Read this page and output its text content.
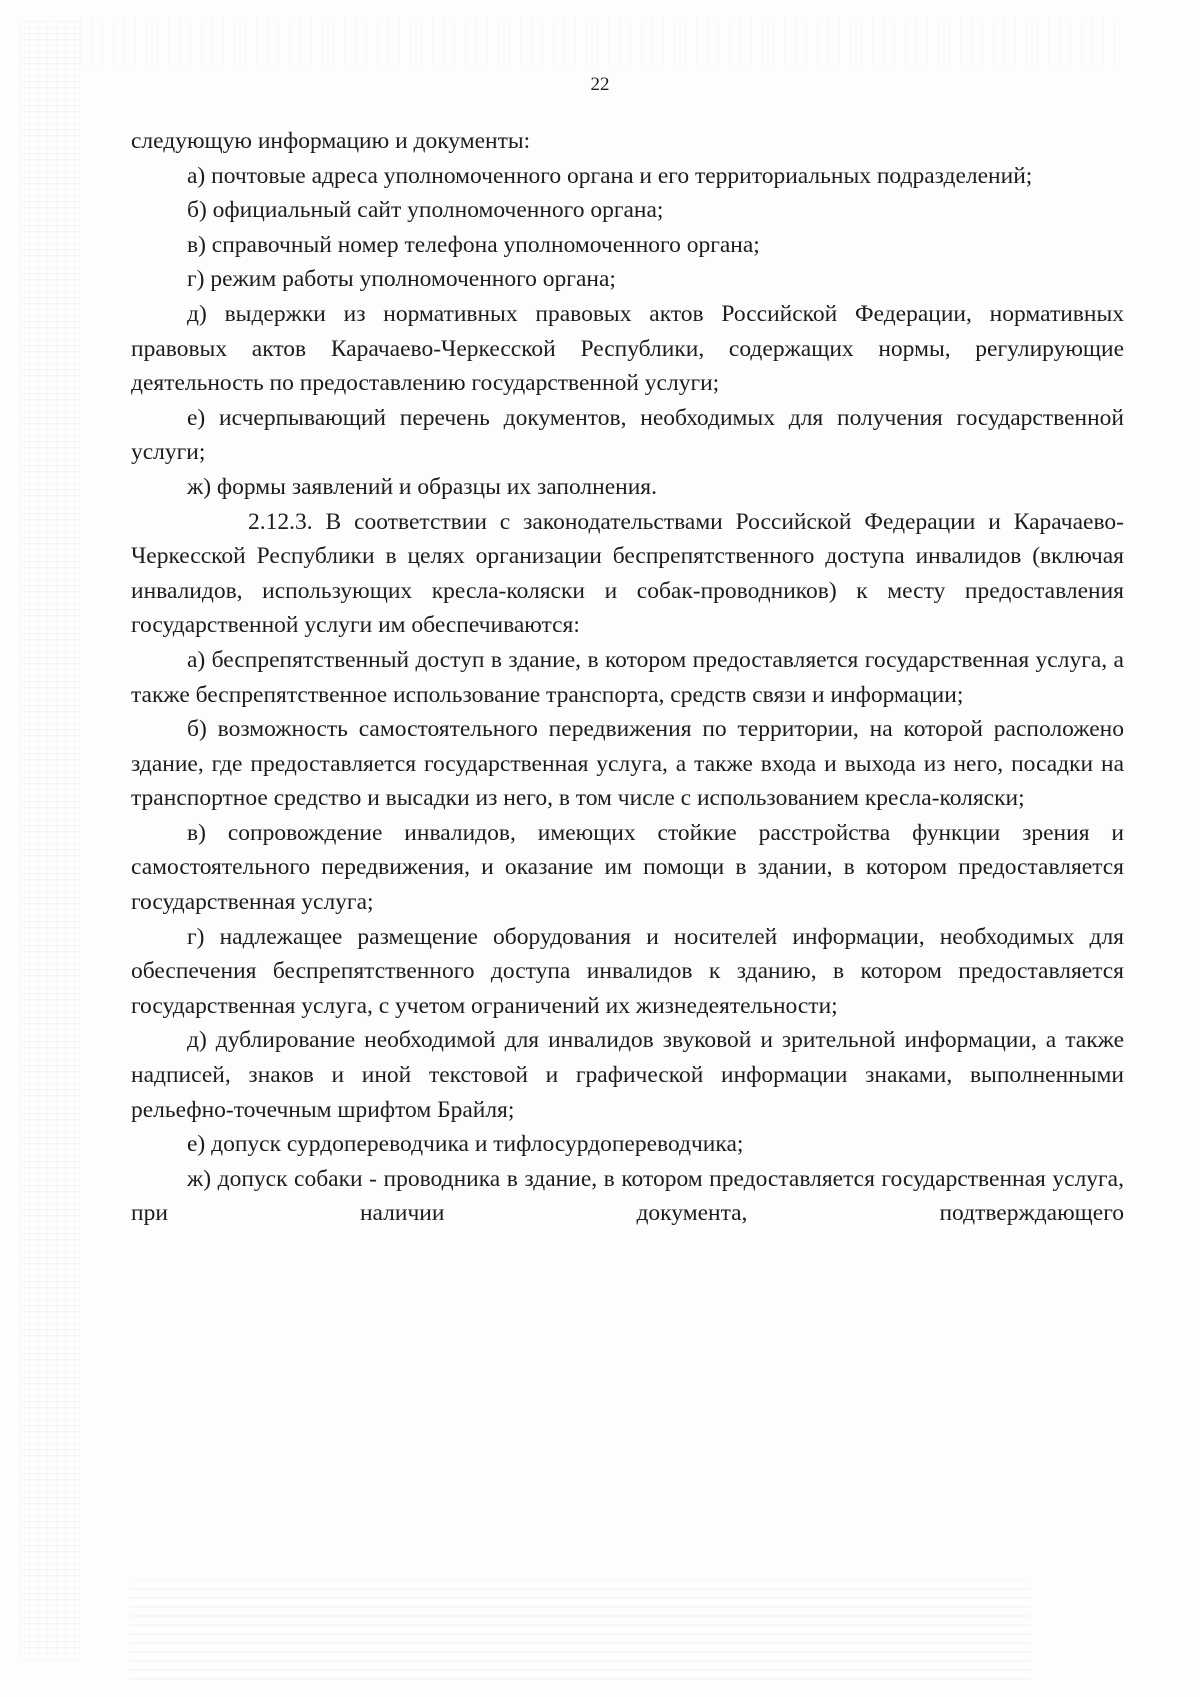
22

следующую информацию и документы:

а) почтовые адреса уполномоченного органа и его территориальных подразделений;

б) официальный сайт уполномоченного органа;

в) справочный номер телефона уполномоченного органа;

г) режим работы уполномоченного органа;

д) выдержки из нормативных правовых актов Российской Федерации, нормативных правовых актов Карачаево-Черкесской Республики, содержащих нормы, регулирующие деятельность по предоставлению государственной услуги;

е) исчерпывающий перечень документов, необходимых для получения государственной услуги;

ж) формы заявлений и образцы их заполнения.

2.12.3. В соответствии с законодательствами Российской Федерации и Карачаево-Черкесской Республики в целях организации беспрепятственного доступа инвалидов (включая инвалидов, использующих кресла-коляски и собак-проводников) к месту предоставления государственной услуги им обеспечиваются:

а) беспрепятственный доступ в здание, в котором предоставляется государственная услуга, а также беспрепятственное использование транспорта, средств связи и информации;

б) возможность самостоятельного передвижения по территории, на которой расположено здание, где предоставляется государственная услуга, а также входа и выхода из него, посадки на транспортное средство и высадки из него, в том числе с использованием кресла-коляски;

в) сопровождение инвалидов, имеющих стойкие расстройства функции зрения и самостоятельного передвижения, и оказание им помощи в здании, в котором предоставляется государственная услуга;

г) надлежащее размещение оборудования и носителей информации, необходимых для обеспечения беспрепятственного доступа инвалидов к зданию, в котором предоставляется государственная услуга, с учетом ограничений их жизнедеятельности;

д) дублирование необходимой для инвалидов звуковой и зрительной информации, а также надписей, знаков и иной текстовой и графической информации знаками, выполненными рельефно-точечным шрифтом Брайля;

е) допуск сурдопереводчика и тифлосурдопереводчика;

ж) допуск собаки - проводника в здание, в котором предоставляется государственная услуга, при наличии документа, подтверждающего
